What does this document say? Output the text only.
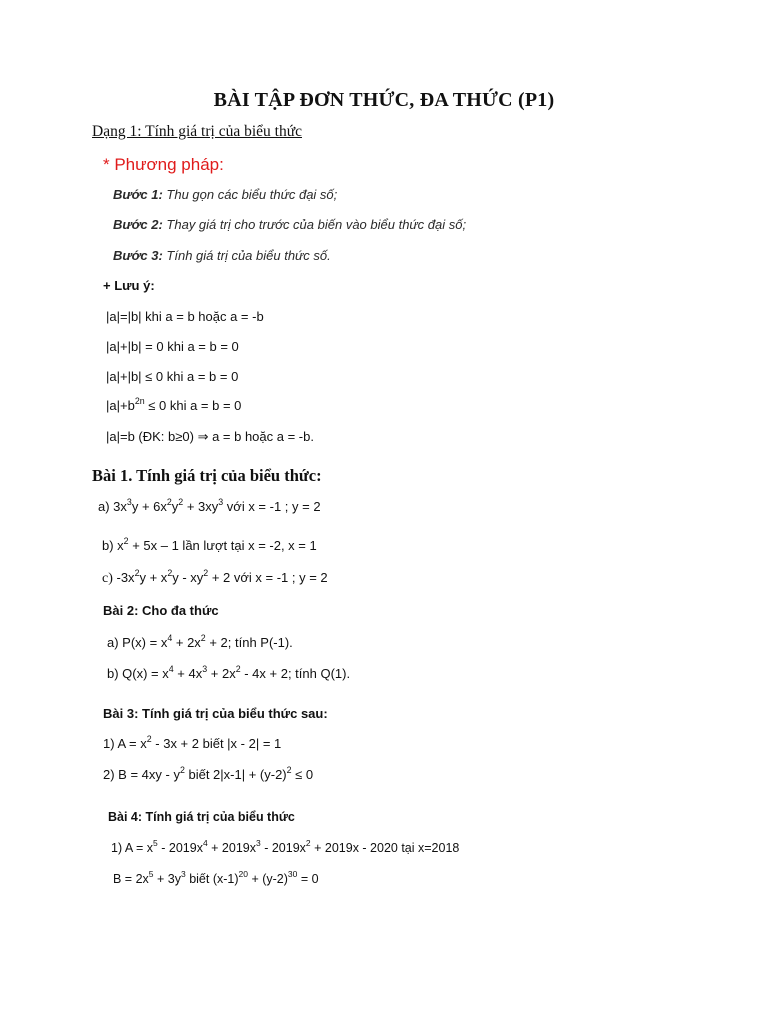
BÀI TẬP ĐƠN THỨC, ĐA THỨC (P1)
Dạng 1: Tính giá trị của biểu thức
* Phương pháp:
Bước 1: Thu gọn các biểu thức đại số;
Bước 2: Thay giá trị cho trước của biến vào biểu thức đại số;
Bước 3: Tính giá trị của biểu thức số.
+ Lưu ý:
|a|=|b| khi a = b hoặc a = -b
|a|+|b| = 0 khi a = b = 0
|a|+|b| ≤ 0 khi a = b = 0
$|a|+b^{2n} \le 0$ khi a = b = 0
|a|=b (ĐK: b≥0) ⇒ a = b hoặc a = -b.
Bài 1. Tính giá trị của biểu thức:
a) $3x^3y + 6x^2y^2 + 3xy^3$ với x = -1 ; y = 2
b) $x^2 + 5x - 1$ lần lượt tại x = -2, x = 1
c) $-3x^2y + x^2y - xy^2 + 2$ với x = -1 ; y = 2
Bài 2: Cho đa thức
a) $P(x) = x^4 + 2x^2 + 2$; tính P(-1).
b) $Q(x) = x^4 + 4x^3 + 2x^2 - 4x + 2$; tính Q(1).
Bài 3: Tính giá trị của biểu thức sau:
1) $A = x^2 - 3x + 2$ biết |x - 2| = 1
2) $B = 4xy - y^2$ biết $2|x-1| + (y-2)^2 \le 0$
Bài 4: Tính giá trị của biểu thức
1) $A = x^5 - 2019x^4 + 2019x^3 - 2019x^2 + 2019x - 2020$ tại x=2018
$B = 2x^5 + 3y^3$ biết $(x-1)^{20} + (y-2)^{30} = 0$
